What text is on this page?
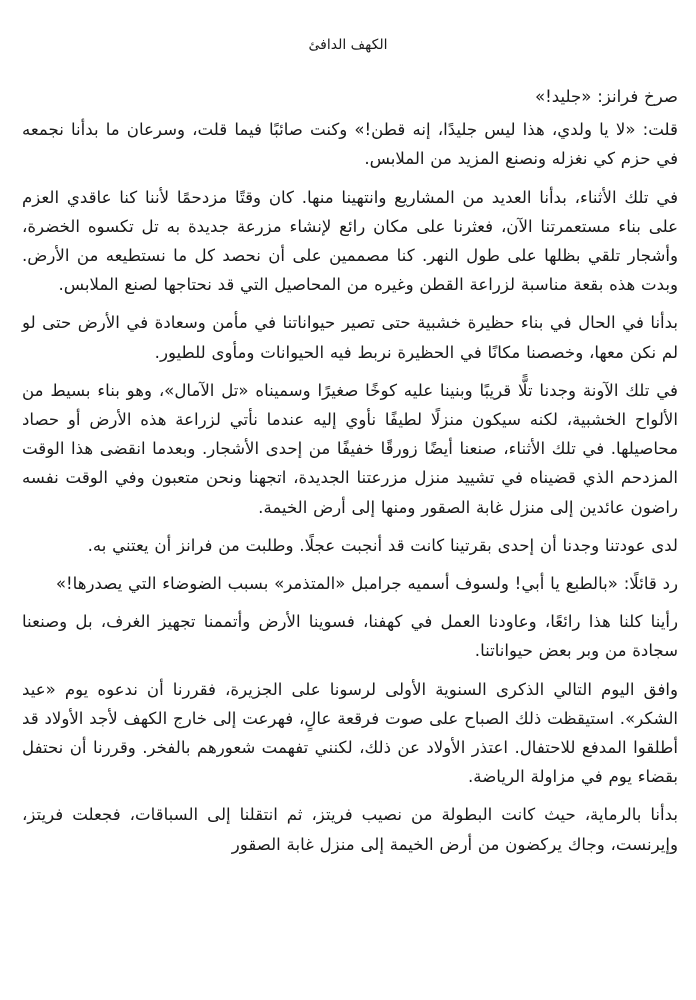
الكهف الدافئ

صرخ فرانز: «جليد!»

قلت: «لا يا ولدي، هذا ليس جليدًا، إنه قطن!» وكنت صائبًا فيما قلت، وسرعان ما بدأنا نجمعه في حزم كي نغزله ونصنع المزيد من الملابس.

في تلك الأثناء، بدأنا العديد من المشاريع وانتهينا منها. كان وقتًا مزدحمًا لأننا كنا عاقدي العزم على بناء مستعمرتنا الآن، فعثرنا على مكان رائع لإنشاء مزرعة جديدة به تل تكسوه الخضرة، وأشجار تلقي بظلها على طول النهر. كنا مصممين على أن نحصد كل ما نستطيعه من الأرض. وبدت هذه بقعة مناسبة لزراعة القطن وغيره من المحاصيل التي قد نحتاجها لصنع الملابس.

بدأنا في الحال في بناء حظيرة خشبية حتى تصير حيواناتنا في مأمن وسعادة في الأرض حتى لو لم نكن معها، وخصصنا مكانًا في الحظيرة نربط فيه الحيوانات ومأوى للطيور.

في تلك الآونة وجدنا تلًّا قريبًا وبنينا عليه كوخًا صغيرًا وسميناه «تل الآمال»، وهو بناء بسيط من الألواح الخشبية، لكنه سيكون منزلًا لطيفًا نأوي إليه عندما نأتي لزراعة هذه الأرض أو حصاد محاصيلها. في تلك الأثناء، صنعنا أيضًا زورقًا خفيفًا من إحدى الأشجار. وبعدما انقضى هذا الوقت المزدحم الذي قضيناه في تشييد منزل مزرعتنا الجديدة، اتجهنا ونحن متعبون وفي الوقت نفسه راضون عائدين إلى منزل غابة الصقور ومنها إلى أرض الخيمة.

لدى عودتنا وجدنا أن إحدى بقرتينا كانت قد أنجبت عجلًا. وطلبت من فرانز أن يعتني به.

رد قائلًا: «بالطبع يا أبي! ولسوف أسميه جرامبل «المتذمر» بسبب الضوضاء التي يصدرها!»

رأينا كلنا هذا رائعًا، وعاودنا العمل في كهفنا، فسوينا الأرض وأتممنا تجهيز الغرف، بل وصنعنا سجادة من وبر بعض حيواناتنا.

وافق اليوم التالي الذكرى السنوية الأولى لرسونا على الجزيرة، فقررنا أن ندعوه يوم «عيد الشكر». استيقظت ذلك الصباح على صوت فرقعة عالٍ، فهرعت إلى خارج الكهف لأجد الأولاد قد أطلقوا المدفع للاحتفال. اعتذر الأولاد عن ذلك، لكنني تفهمت شعورهم بالفخر. وقررنا أن نحتفل بقضاء يوم في مزاولة الرياضة.

بدأنا بالرماية، حيث كانت البطولة من نصيب فريتز، ثم انتقلنا إلى السباقات، فجعلت فريتز، وإيرنست، وجاك يركضون من أرض الخيمة إلى منزل غابة الصقور
